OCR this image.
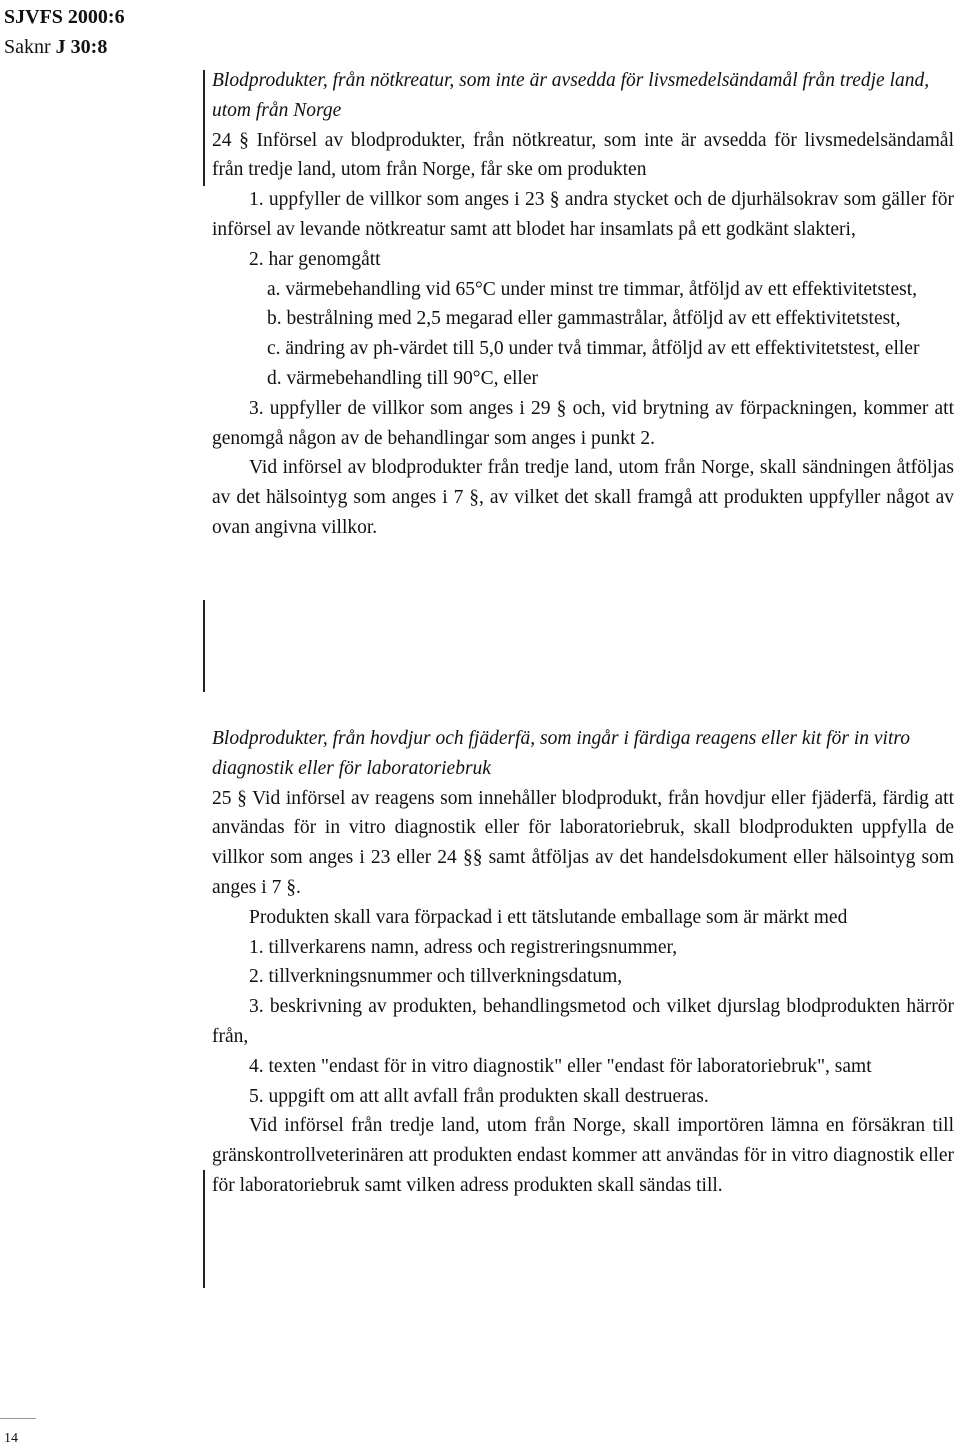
SJVFS 2000:6
Saknr J 30:8

Blodprodukter, från nötkreatur, som inte är avsedda för livsmedelsändamål från tredje land, utom från Norge

24 § Införsel av blodprodukter, från nötkreatur, som inte är avsedda för livsmedelsändamål från tredje land, utom från Norge, får ske om produkten

1. uppfyller de villkor som anges i 23 § andra stycket och de djurhälsokrav som gäller för införsel av levande nötkreatur samt att blodet har insamlats på ett godkänt slakteri,

2. har genomgått

a. värmebehandling vid 65°C under minst tre timmar, åtföljd av ett effektivitetstest,

b. bestrålning med 2,5 megarad eller gammastrålar, åtföljd av ett effektivitetstest,

c. ändring av ph-värdet till 5,0 under två timmar, åtföljd av ett effektivitetstest, eller

d. värmebehandling till 90°C, eller

3. uppfyller de villkor som anges i 29 § och, vid brytning av förpackningen, kommer att genomgå någon av de behandlingar som anges i punkt 2.

Vid införsel av blodprodukter från tredje land, utom från Norge, skall sändningen åtföljas av det hälsointyg som anges i 7 §, av vilket det skall framgå att produkten uppfyller något av ovan angivna villkor.

Blodprodukter, från hovdjur och fjäderfä, som ingår i färdiga reagens eller kit för in vitro diagnostik eller för laboratoriebruk

25 § Vid införsel av reagens som innehåller blodprodukt, från hovdjur eller fjäderfä, färdig att användas för in vitro diagnostik eller för laboratoriebruk, skall blodprodukten uppfylla de villkor som anges i 23 eller 24 §§ samt åtföljas av det handelsdokument eller hälsointyg som anges i 7 §.

Produkten skall vara förpackad i ett tätslutande emballage som är märkt med

1. tillverkarens namn, adress och registreringsnummer,

2. tillverkningsnummer och tillverkningsdatum,

3. beskrivning av produkten, behandlingsmetod och vilket djurslag blodprodukten härrör från,

4. texten "endast för in vitro diagnostik" eller "endast för laboratoriebruk", samt

5. uppgift om att allt avfall från produkten skall destrueras.

Vid införsel från tredje land, utom från Norge, skall importören lämna en försäkran till gränskontrollveterinären att produkten endast kommer att användas för in vitro diagnostik eller för laboratoriebruk samt vilken adress produkten skall sändas till.

14
